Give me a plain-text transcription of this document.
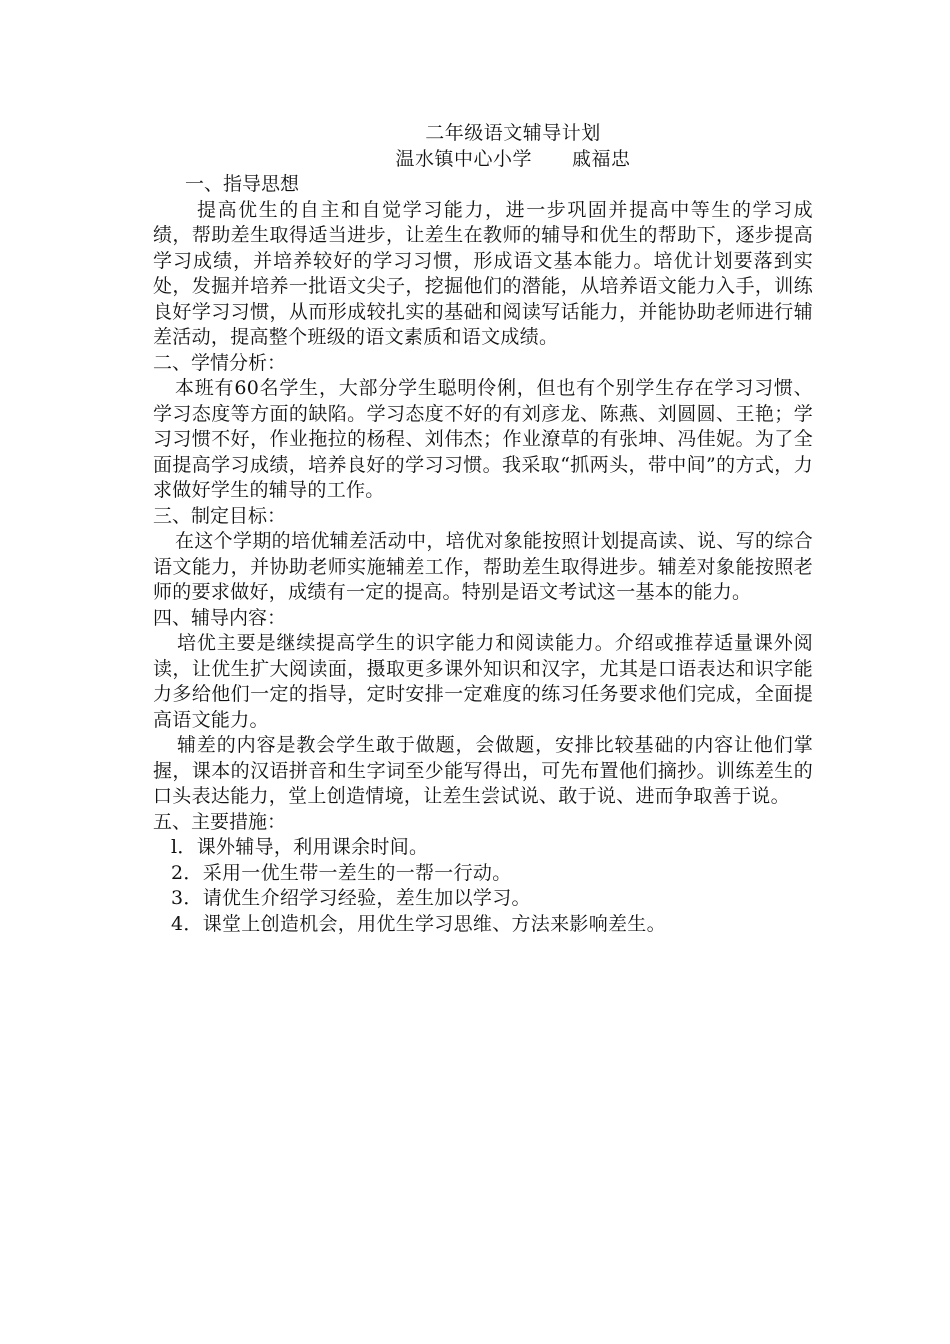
二年级语文辅导计划
温水镇中心小学 戚福忠
一、指导思想

提高优生的自主和自觉学习能力，进一步巩固并提高中等生的学习成绩，帮助差生取得适当进步，让差生在教师的辅导和优生的帮助下，逐步提高学习成绩，并培养较好的学习习惯，形成语文基本能力。培优计划要落到实处，发掘并培养一批语文尖子，挖掘他们的潜能，从培养语文能力入手，训练良好学习习惯，从而形成较扎实的基础和阅读写话能力，并能协助老师进行辅差活动，提高整个班级的语文素质和语文成绩。

二、学情分析：

本班有60名学生，大部分学生聪明伶俐，但也有个别学生存在学习习惯、学习态度等方面的缺陷。学习态度不好的有刘彦龙、陈燕、刘圆圆、王艳；学习习惯不好，作业拖拉的杨程、刘伟杰；作业潦草的有张坤、冯佳妮。为了全面提高学习成绩，培养良好的学习习惯。我采取“抓两头，带中间”的方式，力求做好学生的辅导的工作。

三、制定目标：

在这个学期的培优辅差活动中，培优对象能按照计划提高读、说、写的综合语文能力，并协助老师实施辅差工作，帮助差生取得进步。辅差对象能按照老师的要求做好，成绩有一定的提高。特别是语文考试这一基本的能力。

四、辅导内容：

培优主要是继续提高学生的识字能力和阅读能力。介绍或推荐适量课外阅读，让优生扩大阅读面，摄取更多课外知识和汉字，尤其是口语表达和识字能力多给他们一定的指导，定时安排一定难度的练习任务要求他们完成，全面提高语文能力。

辅差的内容是教会学生敢于做题，会做题，安排比较基础的内容让他们掌握，课本的汉语拼音和生字词至少能写得出，可先布置他们摘抄。训练差生的口头表达能力，堂上创造情境，让差生尝试说、敢于说、进而争取善于说。

五、主要措施：
l．课外辅导，利用课余时间。
2．采用一优生带一差生的一帮一行动。
3．请优生介绍学习经验，差生加以学习。
4．课堂上创造机会，用优生学习思维、方法来影响差生。
